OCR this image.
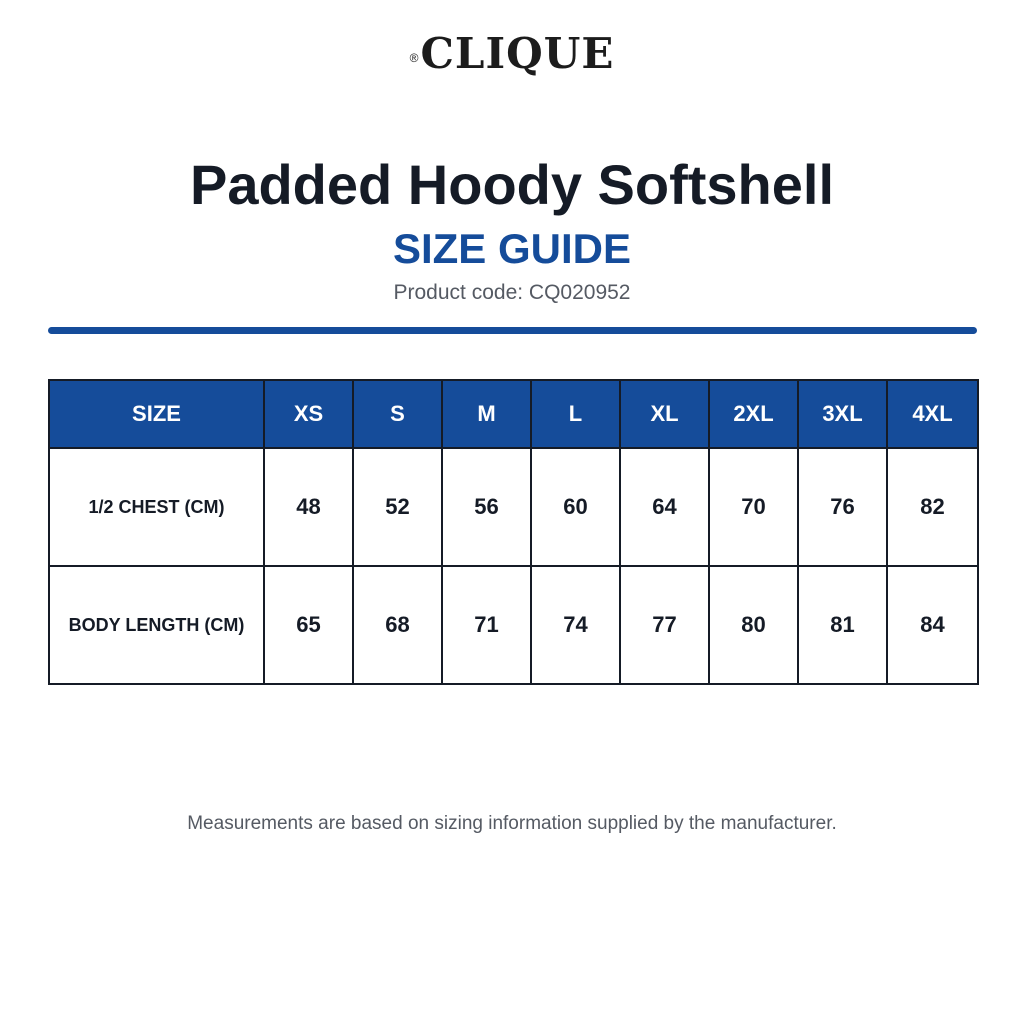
®CLIQUE
Padded Hoody Softshell
SIZE GUIDE
Product code: CQ020952
SIZE	XS	S	M	L	XL	2XL	3XL	4XL
1/2 CHEST (CM)	48	52	56	60	64	70	76	82
BODY LENGTH (CM)	65	68	71	74	77	80	81	84
Measurements are based on sizing information supplied by the manufacturer.
